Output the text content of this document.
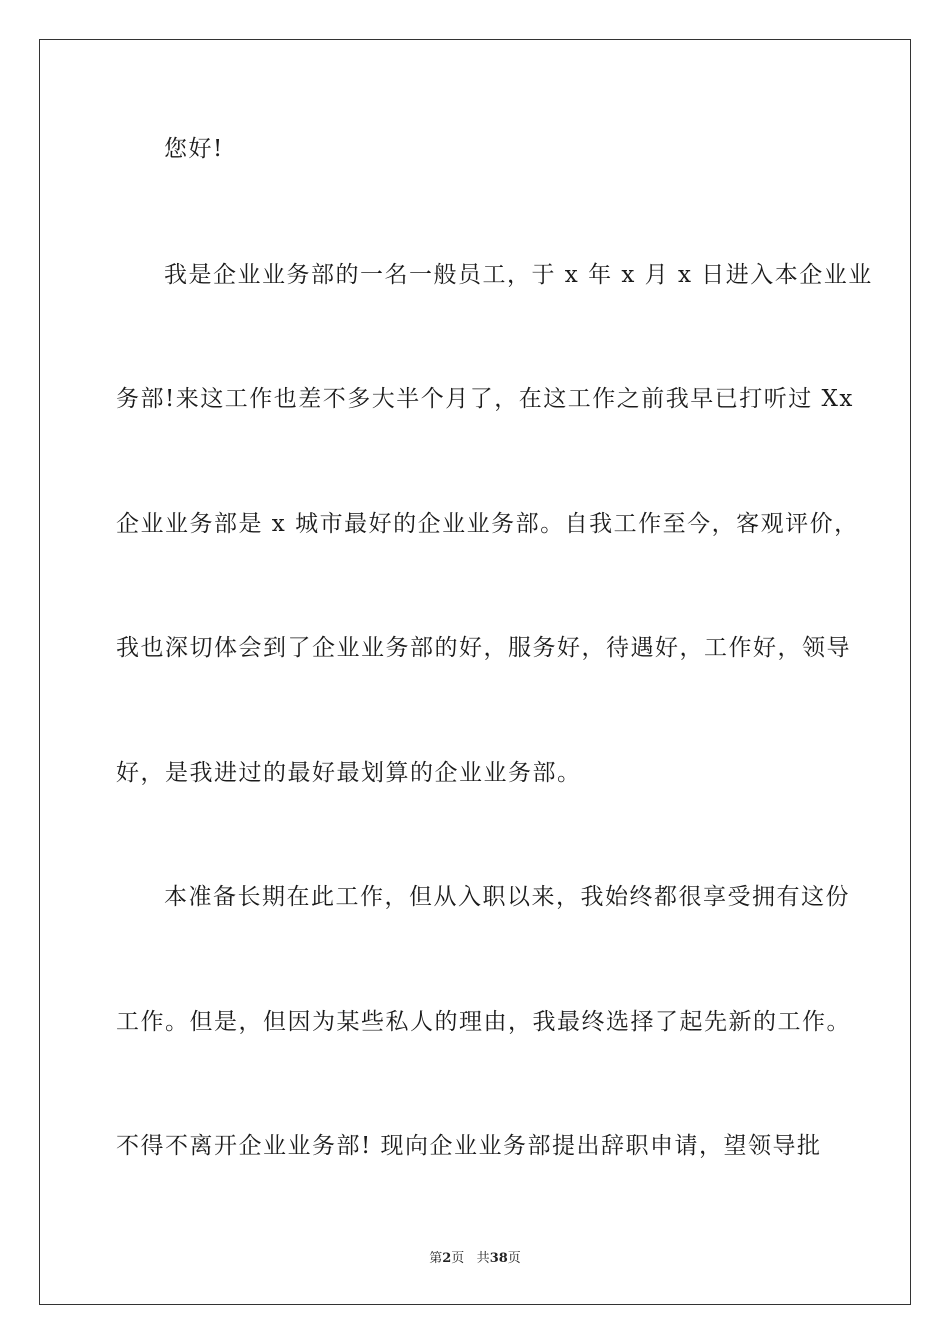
您好!
我是企业业务部的一名一般员工，于 x 年 x 月 x 日进入本企业业
务部!来这工作也差不多大半个月了，在这工作之前我早已打听过 Xx
企业业务部是 x 城市最好的企业业务部。自我工作至今，客观评价，
我也深切体会到了企业业务部的好，服务好，待遇好，工作好，领导
好，是我进过的最好最划算的企业业务部。
本准备长期在此工作，但从入职以来，我始终都很享受拥有这份
工作。但是，但因为某些私人的理由，我最终选择了起先新的工作。
不得不离开企业业务部! 现向企业业务部提出辞职申请，望领导批
第2页 共38页
